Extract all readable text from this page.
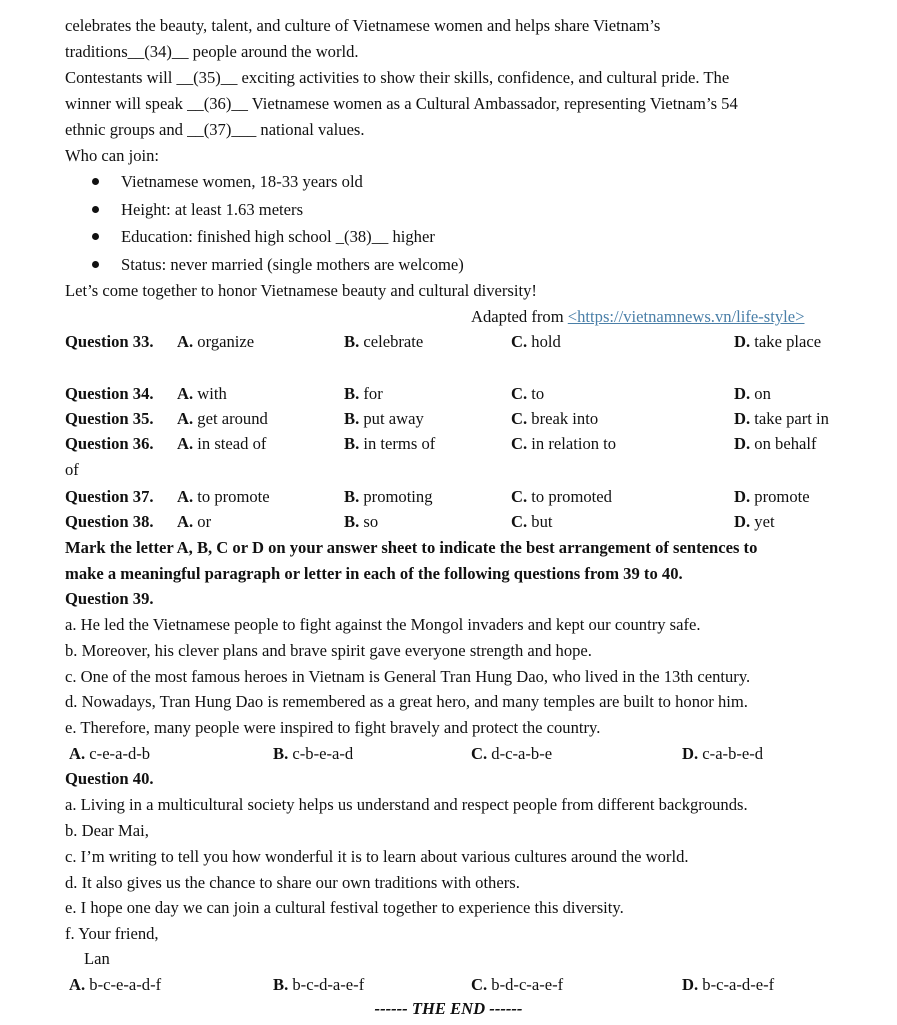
celebrates the beauty, talent, and culture of Vietnamese women and helps share Vietnam’s
traditions__(34)__ people around the world.
Contestants will __(35)__ exciting activities to show their skills, confidence, and cultural pride. The
winner will speak __(36)__ Vietnamese women as a Cultural Ambassador, representing Vietnam’s 54
ethnic groups and __(37)___ national values.
Who can join:
Vietnamese women, 18-33 years old
Height: at least 1.63 meters
Education: finished high school _(38)__ higher
Status: never married (single mothers are welcome)
Let’s come together to honor Vietnamese beauty and cultural diversity!
Adapted from <https://vietnamnews.vn/life-style>
Question 33. A. organize	B. celebrate	C. hold	D. take place
Question 34. A. with	B. for	C. to	D. on
Question 35. A. get around	B. put away	C. break into	D. take part in
Question 36. A. in stead of	B. in terms of	C. in relation to	D. on behalf
of
Question 37. A. to promote	B. promoting	C. to promoted	D. promote
Question 38. A. or	B. so	C. but	D. yet
Mark the letter A, B, C or D on your answer sheet to indicate the best arrangement of sentences to
make a meaningful paragraph or letter in each of the following questions from 39 to 40.
Question 39.
a. He led the Vietnamese people to fight against the Mongol invaders and kept our country safe.
b. Moreover, his clever plans and brave spirit gave everyone strength and hope.
c. One of the most famous heroes in Vietnam is General Tran Hung Dao, who lived in the 13th century.
d. Nowadays, Tran Hung Dao is remembered as a great hero, and many temples are built to honor him.
e. Therefore, many people were inspired to fight bravely and protect the country.
A. c-e-a-d-b	B. c-b-e-a-d	C. d-c-a-b-e	D. c-a-b-e-d
Question 40.
a. Living in a multicultural society helps us understand and respect people from different backgrounds.
b. Dear Mai,
c. I’m writing to tell you how wonderful it is to learn about various cultures around the world.
d. It also gives us the chance to share our own traditions with others.
e. I hope one day we can join a cultural festival together to experience this diversity.
f. Your friend,
Lan
A. b-c-e-a-d-f	B. b-c-d-a-e-f	C. b-d-c-a-e-f	D. b-c-a-d-e-f
------ THE END ------
